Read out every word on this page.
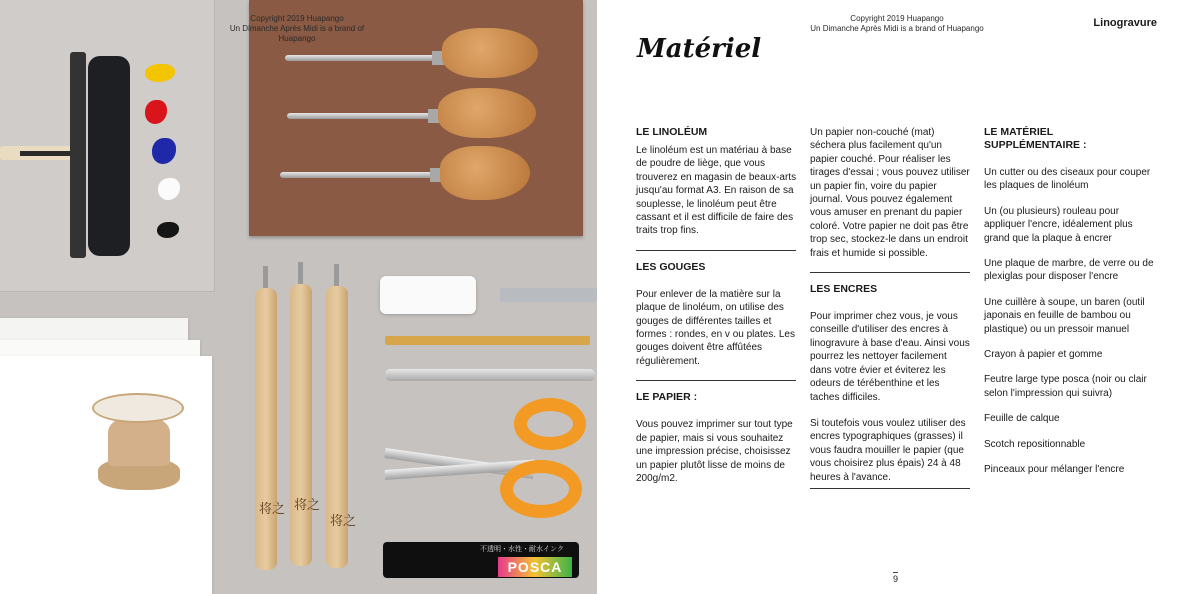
将之 将之
将之
不透明・水性・耐水インク
POSCA
Copyright 2019 Huapango
Un Dimanche Après Midi is a brand of Huapango
Copyright 2019 Huapango
Un Dimanche Après Midi is a brand of Huapango	Linogravure
Matériel
LE LINOLÉUM

Le linoléum est un matériau à base de poudre de liège, que vous trouverez en magasin de beaux-arts jusqu'au format A3. En raison de sa souplesse, le linoléum peut être cassant et il est difficile de faire des traits trop fins.

LES GOUGES

Pour enlever de la matière sur la plaque de linoléum, on utilise des gouges de différentes tailles et formes : rondes, en v ou plates. Les gouges doivent être affûtées régulièrement.

LE PAPIER :

Vous pouvez imprimer sur tout type de papier, mais si vous souhaitez une impression précise, choisissez un papier plutôt lisse de moins de 200g/m2.

Un papier non-couché (mat) séchera plus facilement qu'un papier couché. Pour réaliser les tirages d'essai ; vous pouvez utiliser un papier fin, voire du papier journal. Vous pouvez également vous amuser en prenant du papier coloré. Votre papier ne doit pas être trop sec, stockez-le dans un endroit frais et humide si possible.

LES ENCRES

Pour imprimer chez vous, je vous conseille d'utiliser des encres à linogravure à base d'eau. Ainsi vous pourrez les nettoyer facilement dans votre évier et éviterez les odeurs de térébenthine et les taches difficiles.

Si toutefois vous voulez utiliser des encres typographiques (grasses) il vous faudra mouiller le papier (que vous choisirez plus épais) 24 à 48 heures à l'avance.

LE MATÉRIEL SUPPLÉMENTAIRE :

Un cutter ou des ciseaux pour couper les plaques de linoléum

Un (ou plusieurs) rouleau pour appliquer l'encre, idéalement plus grand que la plaque à encrer

Une plaque de marbre, de verre ou de plexiglas pour disposer l'encre

Une cuillère à soupe, un baren (outil japonais en feuille de bambou ou plastique) ou un pressoir manuel

Crayon à papier et gomme

Feutre large type posca (noir ou clair selon l'impression qui suivra)

Feuille de calque

Scotch repositionnable

Pinceaux pour mélanger l'encre

9
